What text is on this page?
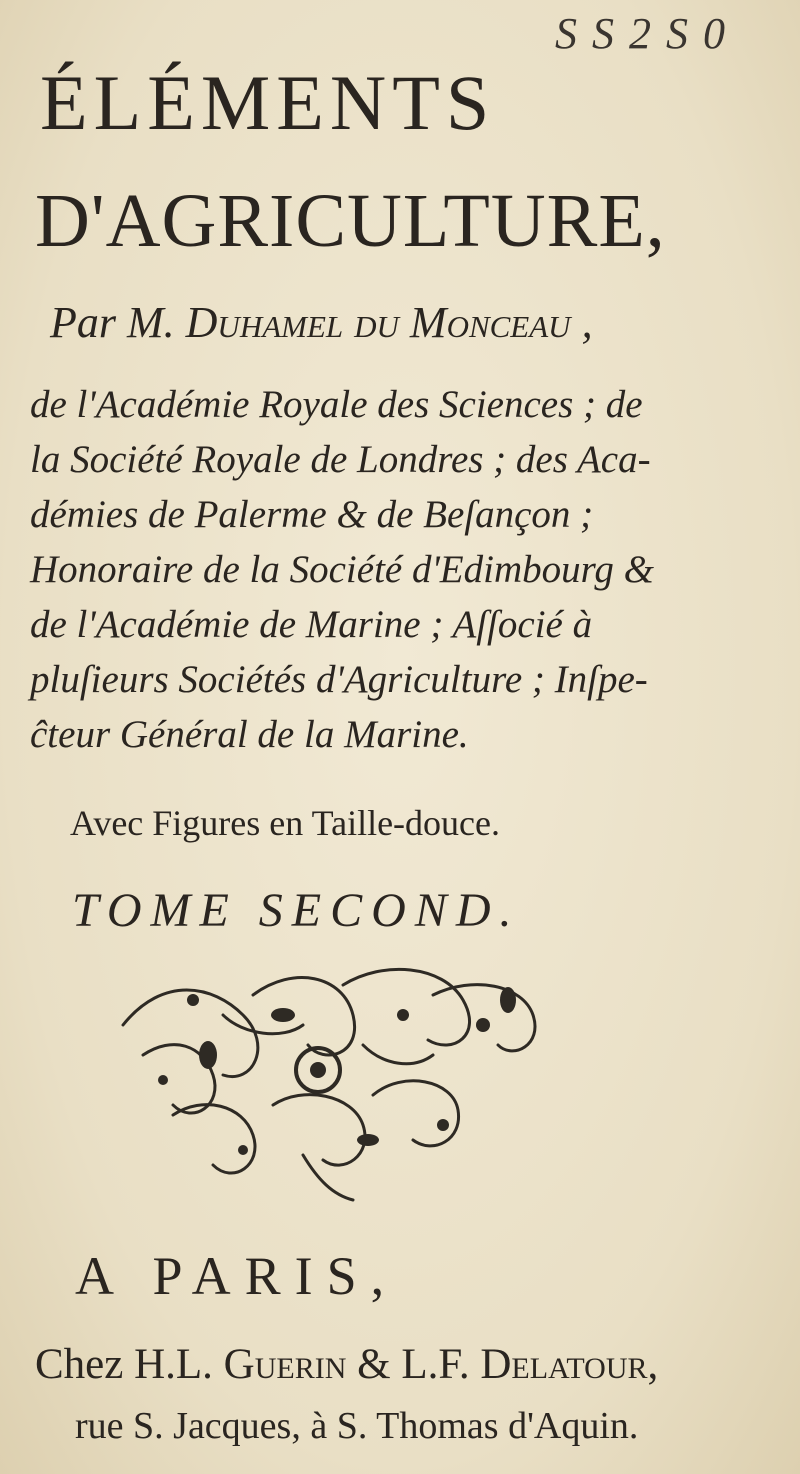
S S 2 S 0
ÉLÉMENTS
D'AGRICULTURE,
Par M. Duhamel du Monceau ,
de l'Académie Royale des Sciences ; de
la Société Royale de Londres ; des Aca-
démies de Palerme & de Beſançon ;
Honoraire de la Société d'Edimbourg &
de l'Académie de Marine ; Aſſocié à
pluſieurs Sociétés d'Agriculture ; Inſpe-
ĉteur Général de la Marine.
Avec Figures en Taille-douce.
TOME SECOND.
A PARIS,
Chez H.L. Guerin & L.F. Delatour,
rue S. Jacques, à S. Thomas d'Aquin.
